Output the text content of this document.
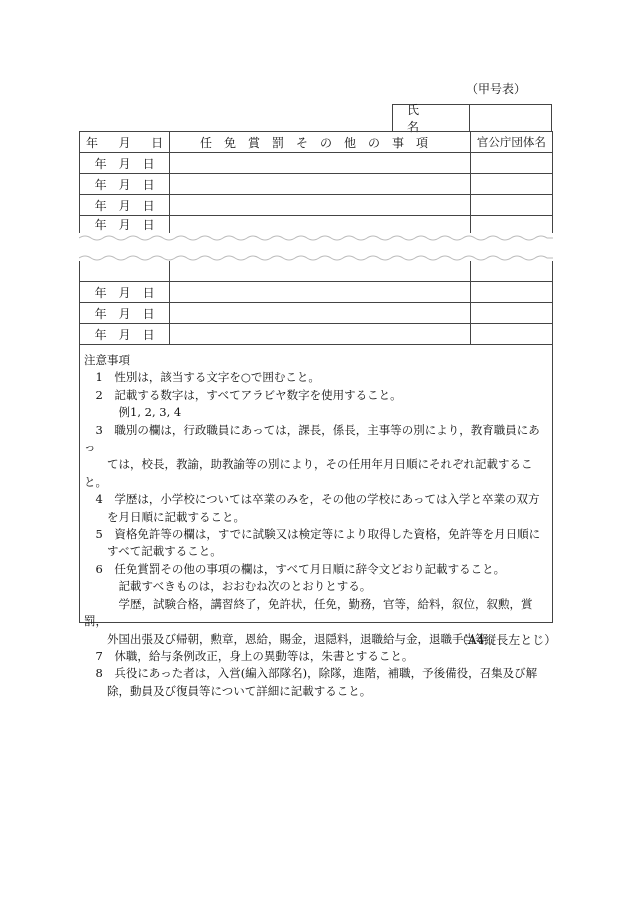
（甲号表）
氏　名
年 月 日	任免賞罰その他の事項	官公庁団体名
年　月　日		
年　月　日		
年　月　日		
年　月　日		

年　月　日		
年　月　日		
年　月　日		

注意事項

　1　性別は，該当する文字を○で囲むこと。

　2　記載する数字は，すべてアラビヤ数字を使用すること。

　　　例1, 2, 3, 4

　3　職別の欄は，行政職員にあっては，課長，係長，主事等の別により，教育職員にあっ

　　ては，校長，教諭，助教諭等の別により，その任用年月日順にそれぞれ記載すること。

　4　学歴は，小学校については卒業のみを，その他の学校にあっては入学と卒業の双方

　　を月日順に記載すること。

　5　資格免許等の欄は，すでに試験又は検定等により取得した資格，免許等を月日順に

　　すべて記載すること。

　6　任免賞罰その他の事項の欄は，すべて月日順に辞令文どおり記載すること。

　　　記載すべきものは，おおむね次のとおりとする。

　　　学歴，試験合格，講習終了，免許状，任免，勤務，官等，給料，叙位，叙勲，賞罰，

　　外国出張及び帰朝，勲章，恩給，賜金，退隠料，退職給与金，退職手当等

　7　休職，給与条例改正，身上の異動等は，朱書とすること。

　8　兵役にあった者は，入営(編入部隊名)，除隊，進階，補職，予後備役，召集及び解

　　除，動員及び復員等について詳細に記載すること。

（A4縦長左とじ）
